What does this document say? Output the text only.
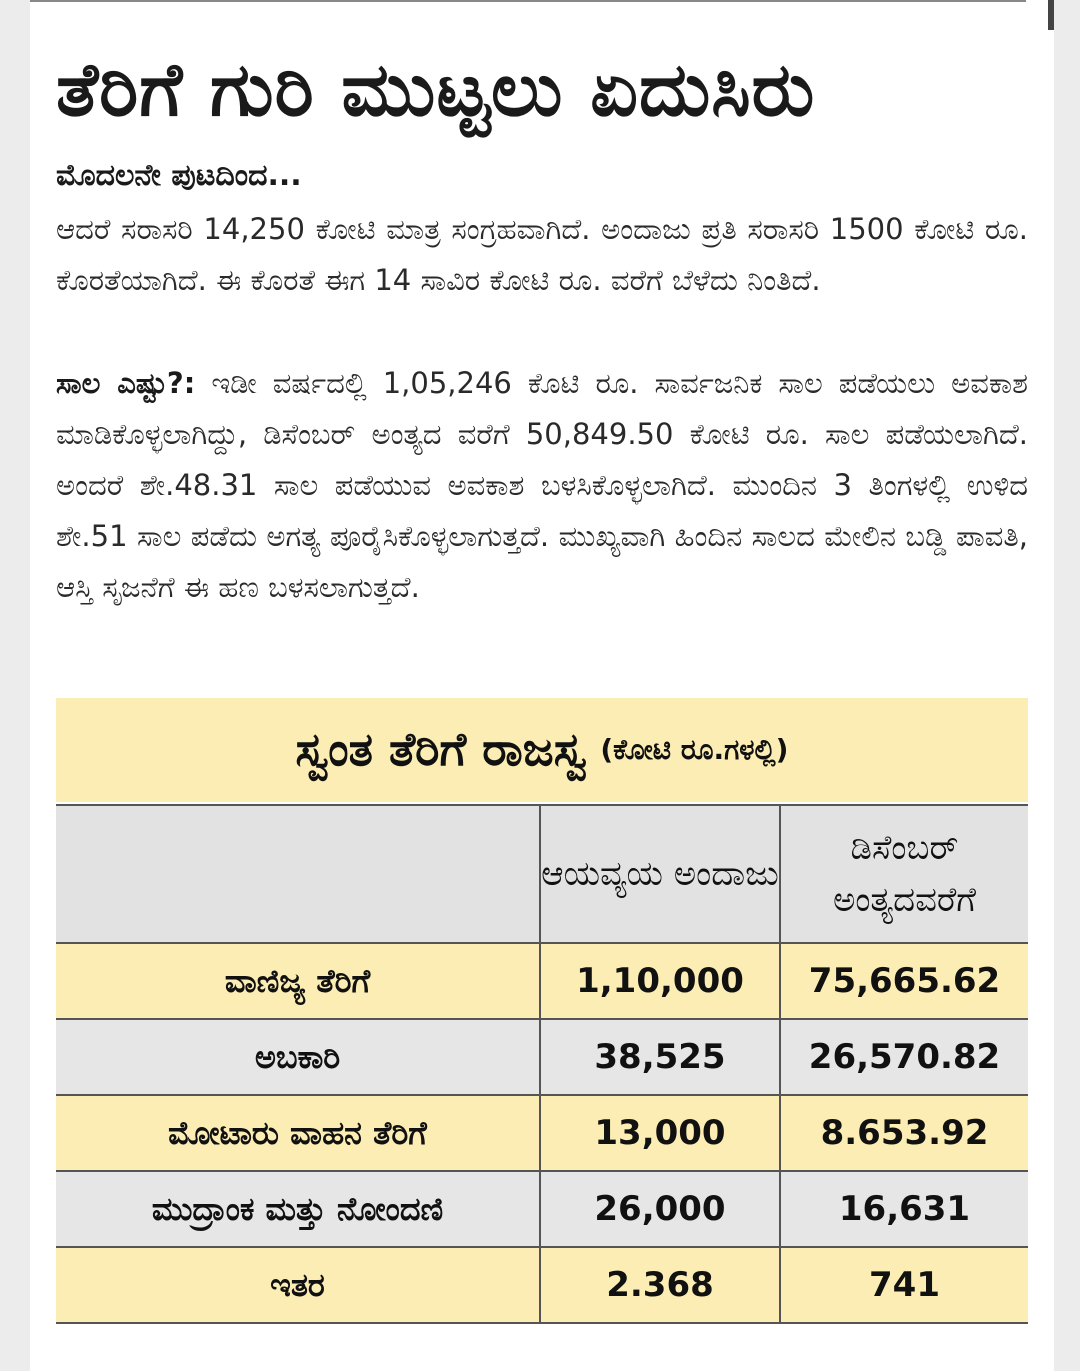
ತೆರಿಗೆ ಗುರಿ ಮುಟ್ಟಲು ಏದುಸಿರು
ಮೊದಲನೇ ಪುಟದಿಂದ...
ಆದರೆ ಸರಾಸರಿ 14,250 ಕೋಟಿ ಮಾತ್ರ ಸಂಗ್ರಹವಾಗಿದೆ. ಅಂದಾಜು ಪ್ರತಿ ಸರಾಸರಿ 1500 ಕೋಟಿ ರೂ. ಕೊರತೆಯಾಗಿದೆ. ಈ ಕೊರತೆ ಈಗ 14 ಸಾವಿರ ಕೋಟಿ ರೂ. ವರೆಗೆ ಬೆಳೆದು ನಿಂತಿದೆ.
ಸಾಲ ಎಷ್ಟು?: ಇಡೀ ವರ್ಷದಲ್ಲಿ 1,05,246 ಕೊಟಿ ರೂ. ಸಾರ್ವಜನಿಕ ಸಾಲ ಪಡೆಯಲು ಅವಕಾಶ ಮಾಡಿಕೊಳ್ಳಲಾಗಿದ್ದು, ಡಿಸೆಂಬರ್ ಅಂತ್ಯದ ವರೆಗೆ 50,849.50 ಕೋಟಿ ರೂ. ಸಾಲ ಪಡೆಯಲಾಗಿದೆ. ಅಂದರೆ ಶೇ.48.31 ಸಾಲ ಪಡೆಯುವ ಅವಕಾಶ ಬಳಸಿಕೊಳ್ಳಲಾಗಿದೆ. ಮುಂದಿನ 3 ತಿಂಗಳಲ್ಲಿ ಉಳಿದ ಶೇ.51 ಸಾಲ ಪಡೆದು ಅಗತ್ಯ ಪೂರೈಸಿಕೊಳ್ಳಲಾಗುತ್ತದೆ. ಮುಖ್ಯವಾಗಿ ಹಿಂದಿನ ಸಾಲದ ಮೇಲಿನ ಬಡ್ಡಿ ಪಾವತಿ, ಆಸ್ತಿ ಸೃಜನೆಗೆ ಈ ಹಣ ಬಳಸಲಾಗುತ್ತದೆ.
ಸ್ವಂತ ತೆರಿಗೆ ರಾಜಸ್ವ (ಕೋಟಿ ರೂ.ಗಳಲ್ಲಿ)
	ಆಯವ್ಯಯ ಅಂದಾಜು	ಡಿಸೆಂಬರ್ ಅಂತ್ಯದವರೆಗೆ
ವಾಣಿಜ್ಯ ತೆರಿಗೆ	1,10,000	75,665.62
ಅಬಕಾರಿ	38,525	26,570.82
ಮೋಟಾರು ವಾಹನ ತೆರಿಗೆ	13,000	8.653.92
ಮುದ್ರಾಂಕ ಮತ್ತು ನೋಂದಣಿ	26,000	16,631
ಇತರ	2.368	741
